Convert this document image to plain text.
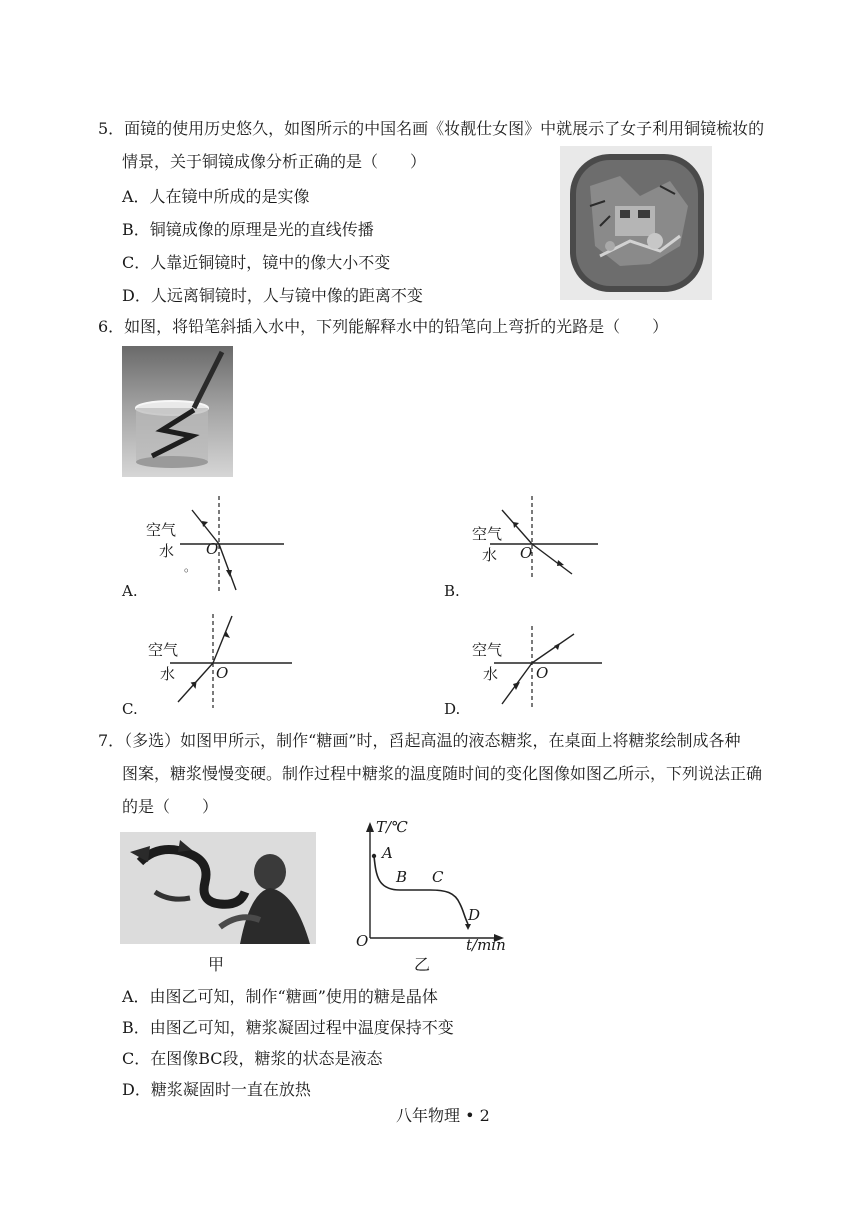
5．面镜的使用历史悠久，如图所示的中国名画《妆靓仕女图》中就展示了女子利用铜镜梳妆的
情景，关于铜镜成像分析正确的是（　　）
A．人在镜中所成的是实像
B．铜镜成像的原理是光的直线传播
C．人靠近铜镜时，镜中的像大小不变
D．人远离铜镜时，人与镜中像的距离不变
6．如图，将铅笔斜插入水中，下列能解释水中的铅笔向上弯折的光路是（　　）
空气
水 O
。
A.
空气
水 O
B.
空气
水	O
C.
空气
水	O
D.
7．（多选）如图甲所示，制作“糖画”时，舀起高温的液态糖浆，在桌面上将糖浆绘制成各种
图案，糖浆慢慢变硬。制作过程中糖浆的温度随时间的变化图像如图乙所示，下列说法正确
的是（　　）
甲
T/℃
A
B C
D
O	t/min
乙
A．由图乙可知，制作“糖画”使用的糖是晶体
B．由图乙可知，糖浆凝固过程中温度保持不变
C．在图像BC段，糖浆的状态是液态
D．糖浆凝固时一直在放热
八年物理 • 2
